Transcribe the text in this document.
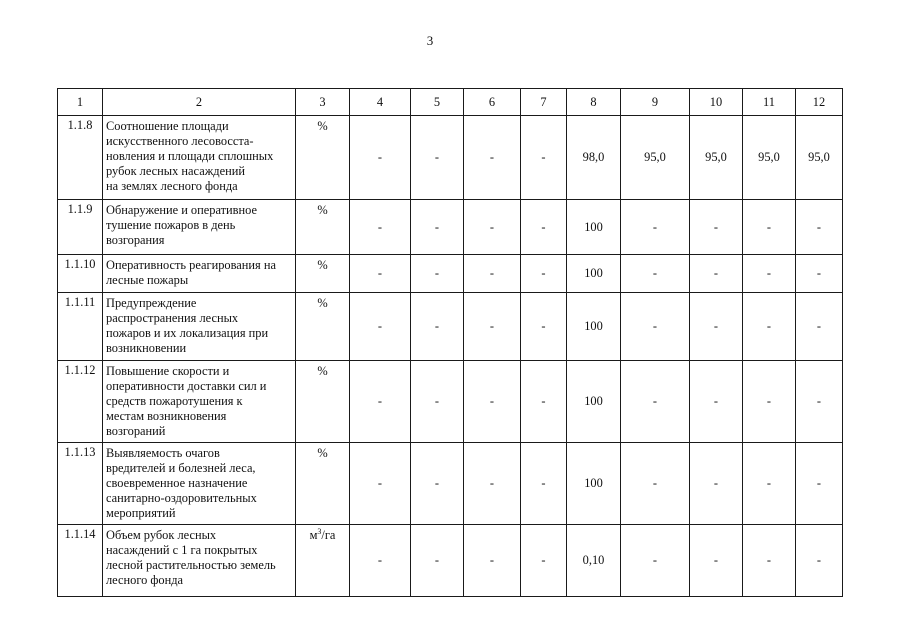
3
1	2	3	4	5	6	7	8	9	10	11	12
1.1.8	Соотношение площади
искусственного лесовосста-
новления и площади сплошных
рубок лесных насаждений
на землях лесного фонда	%	-	-	-	-	98,0	95,0	95,0	95,0	95,0
1.1.9	Обнаружение и оперативное
тушение пожаров в день
возгорания	%	-	-	-	-	100	-	-	-	-
1.1.10	Оперативность реагирования на
лесные пожары	%	-	-	-	-	100	-	-	-	-
1.1.11	Предупреждение
распространения лесных
пожаров и их локализация при
возникновении	%	-	-	-	-	100	-	-	-	-
1.1.12	Повышение скорости и
оперативности доставки сил и
средств пожаротушения к
местам возникновения
возгораний	%	-	-	-	-	100	-	-	-	-
1.1.13	Выявляемость очагов
вредителей и болезней леса,
своевременное назначение
санитарно-оздоровительных
мероприятий	%	-	-	-	-	100	-	-	-	-
1.1.14	Объем рубок лесных
насаждений с 1 га покрытых
лесной растительностью земель
лесного фонда	$м^3/га$	-	-	-	-	0,10	-	-	-	-
